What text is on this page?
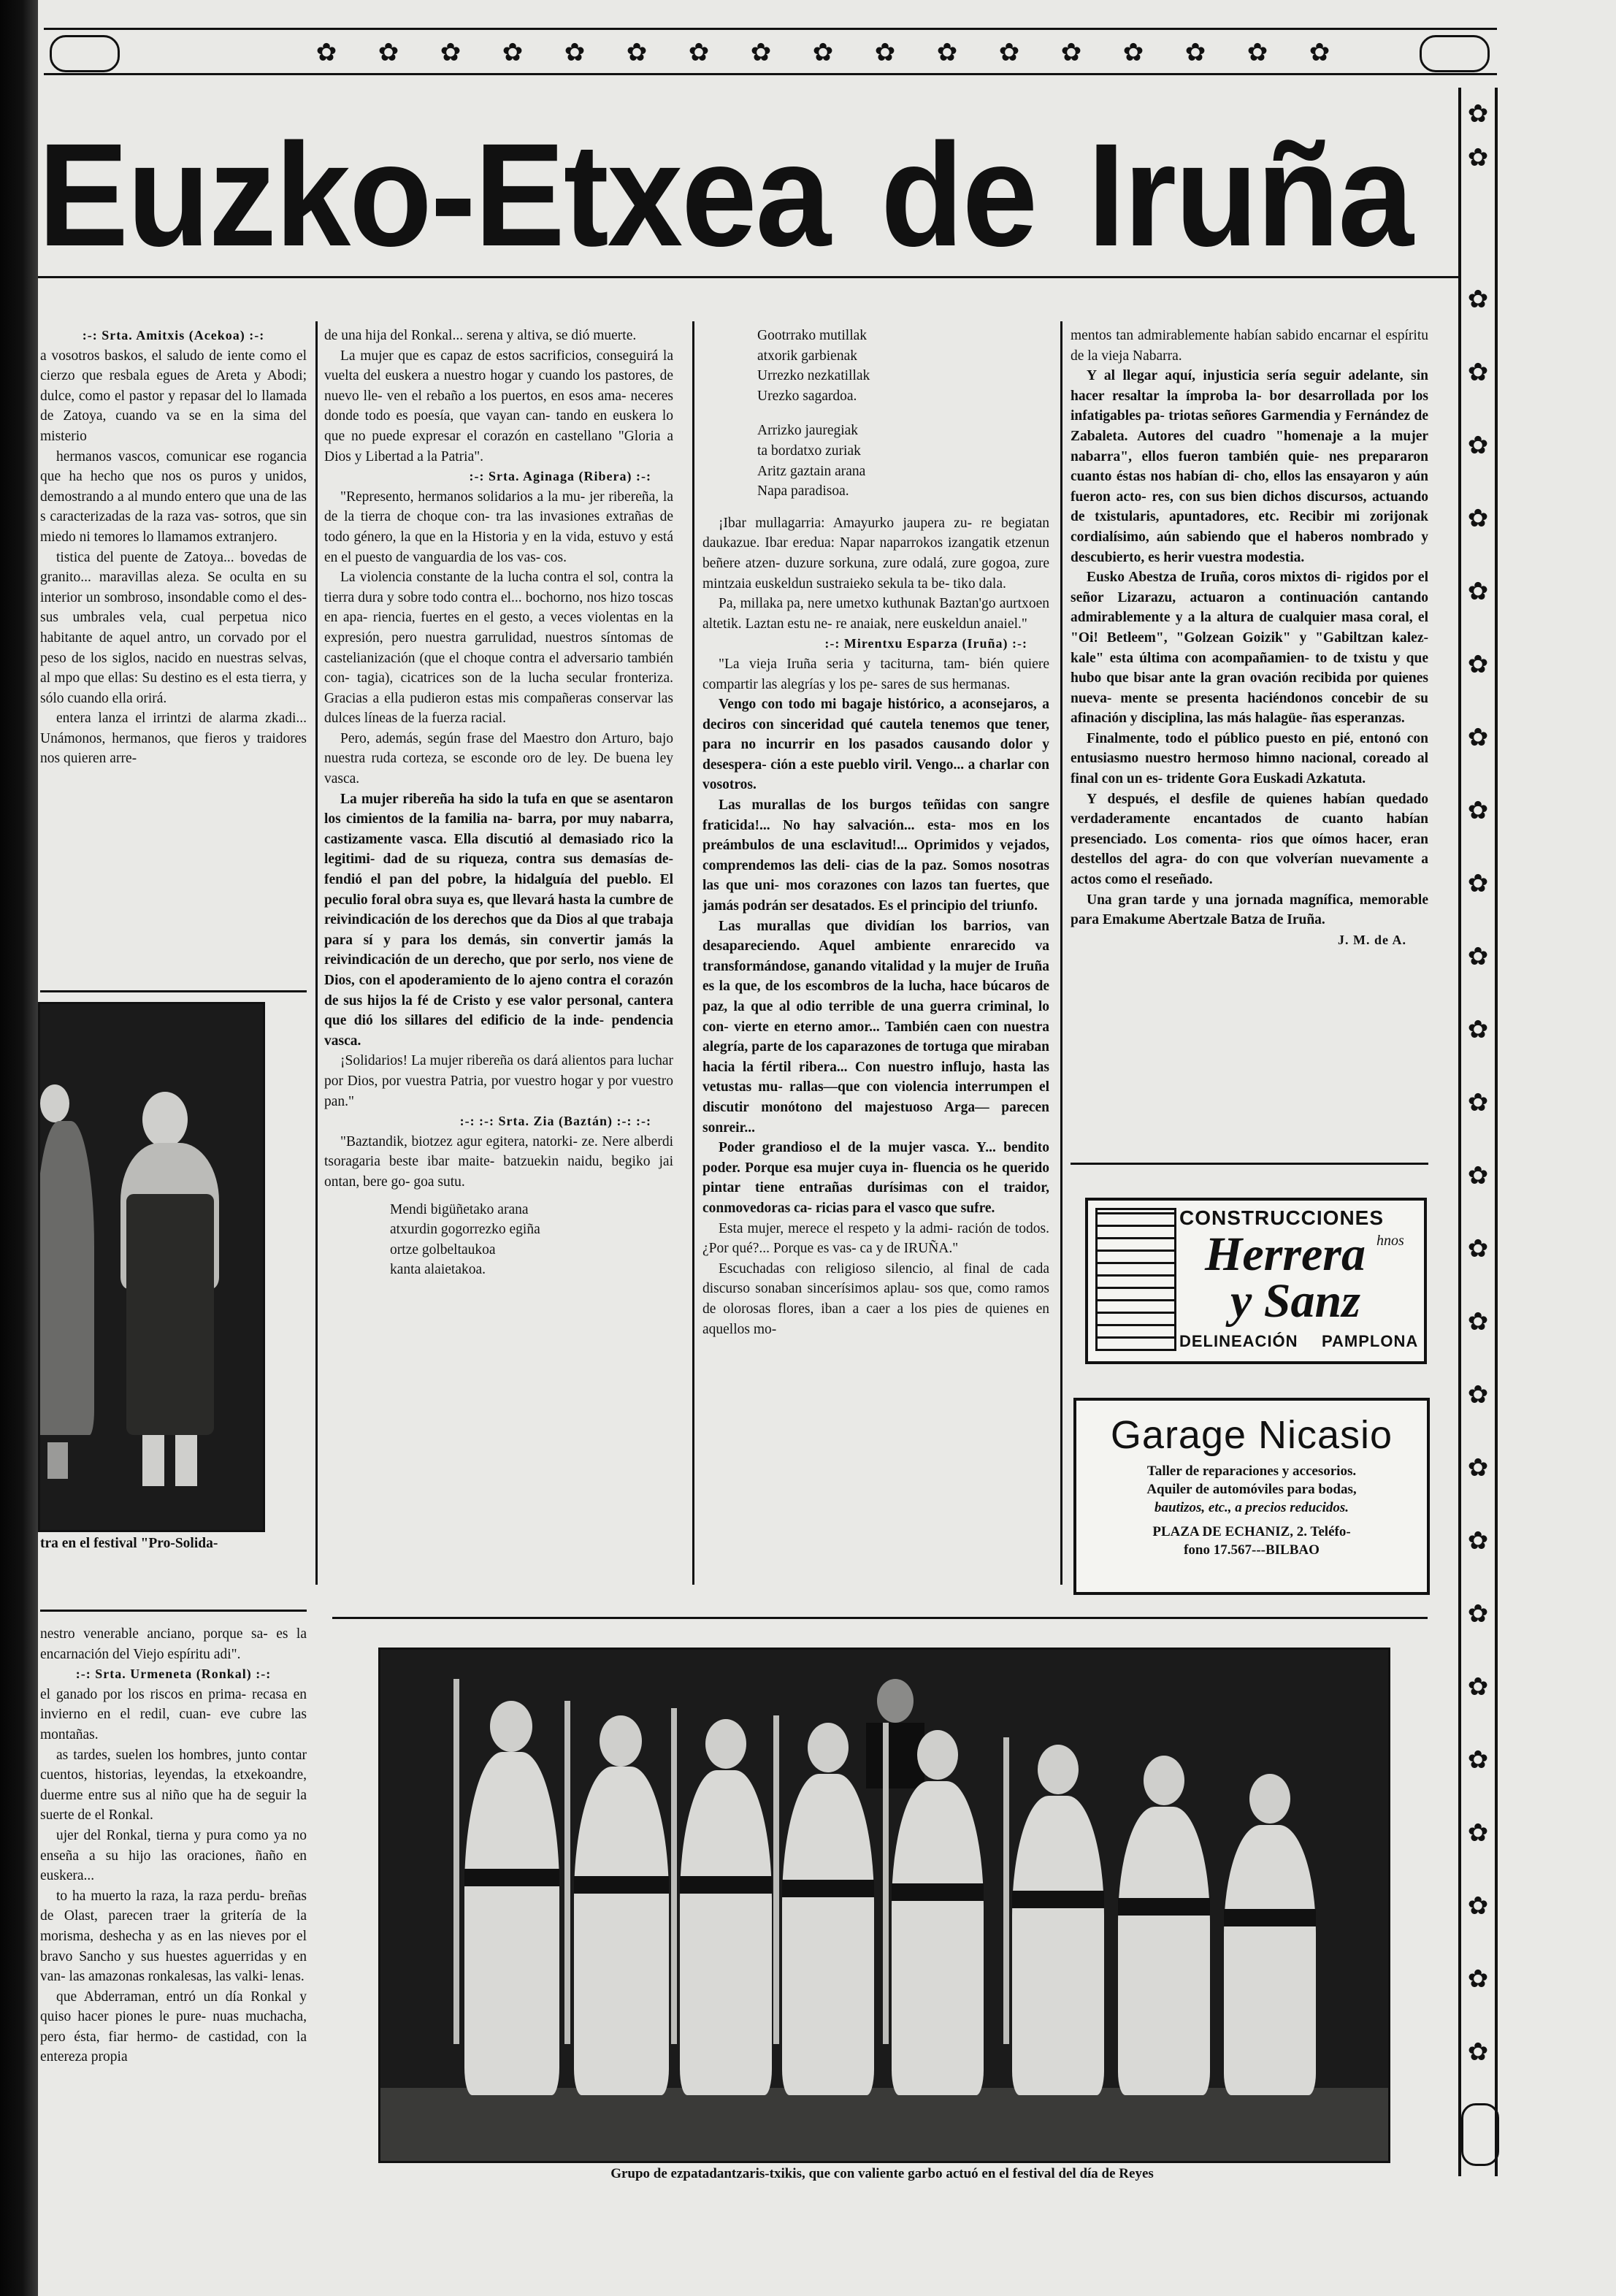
✿ ✿ ✿ ✿ ✿ ✿ ✿ ✿ ✿ ✿ ✿ ✿ ✿ ✿ ✿ ✿ ✿
✿
✿
✿
✿
✿
✿
✿
✿
✿
✿
✿
✿
✿
✿
✿
✿
✿
✿
✿
✿
✿
✿
✿
✿
✿
✿
✿
Euzko-Etxea de Iruña

:-: Srta. Amitxis (Acekoa) :-:

a vosotros baskos, el saludo de iente como el cierzo que resbala egues de Areta y Abodi; dulce, como el pastor y repasar del lo llamada de Zatoya, cuando va se en la sima del misterio

hermanos vascos, comunicar ese rogancia que ha hecho que nos os puros y unidos, demostrando a al mundo entero que una de las s caracterizadas de la raza vas- sotros, que sin miedo ni temores lo llamamos extranjero.

tistica del puente de Zatoya... bovedas de granito... maravillas aleza. Se oculta en su interior un sombroso, insondable como el des- sus umbrales vela, cual perpetua nico habitante de aquel antro, un corvado por el peso de los siglos, nacido en nuestras selvas, al mpo que ellas: Su destino es el esta tierra, y sólo cuando ella orirá.

entera lanza el irrintzi de alarma zkadi... Unámonos, hermanos, que fieros y traidores nos quieren arre-

tra en el festival "Pro-Solida-

nestro venerable anciano, porque sa- es la encarnación del Viejo espíritu adi".

:-: Srta. Urmeneta (Ronkal) :-:

el ganado por los riscos en prima- recasa en invierno en el redil, cuan- eve cubre las montañas.

as tardes, suelen los hombres, junto contar cuentos, historias, leyendas, la etxekoandre, duerme entre sus al niño que ha de seguir la suerte de el Ronkal.

ujer del Ronkal, tierna y pura como ya no enseña a su hijo las oraciones, ñaño en euskera...

to ha muerto la raza, la raza perdu- breñas de Olast, parecen traer la gritería de la morisma, deshecha y as en las nieves por el bravo Sancho y sus huestes aguerridas y en van- las amazonas ronkalesas, las valki- lenas.

que Abderraman, entró un día Ronkal y quiso hacer piones le pure- nuas muchacha, pero ésta, fiar hermo- de castidad, con la entereza propia

de una hija del Ronkal... serena y altiva, se dió muerte.

La mujer que es capaz de estos sacrificios, conseguirá la vuelta del euskera a nuestro hogar y cuando los pastores, de nuevo lle- ven el rebaño a los puertos, en esos ama- neceres donde todo es poesía, que vayan can- tando en euskera lo que no puede expresar el corazón en castellano "Gloria a Dios y Libertad a la Patria".

:-: Srta. Aginaga (Ribera) :-:

"Represento, hermanos solidarios a la mu- jer ribereña, la de la tierra de choque con- tra las invasiones extrañas de todo género, la que en la Historia y en la vida, estuvo y está en el puesto de vanguardia de los vas- cos.

La violencia constante de la lucha contra el sol, contra la tierra dura y sobre todo contra el... bochorno, nos hizo toscas en apa- riencia, fuertes en el gesto, a veces violentas en la expresión, pero nuestra garrulidad, nuestros síntomas de castelianización (que el choque contra el adversario también con- tagia), cicatrices son de la lucha secular fronteriza. Gracias a ella pudieron estas mis compañeras conservar las dulces líneas de la fuerza racial.

Pero, además, según frase del Maestro don Arturo, bajo nuestra ruda corteza, se esconde oro de ley. De buena ley vasca.

La mujer ribereña ha sido la tufa en que se asentaron los cimientos de la familia na- barra, por muy nabarra, castizamente vasca. Ella discutió al demasiado rico la legitimi- dad de su riqueza, contra sus demasías de- fendió el pan del pobre, la hidalguía del pueblo. El peculio foral obra suya es, que llevará hasta la cumbre de reivindicación de los derechos que da Dios al que trabaja para sí y para los demás, sin convertir jamás la reivindicación de un derecho, que por serlo, nos viene de Dios, con el apoderamiento de lo ajeno contra el corazón de sus hijos la fé de Cristo y ese valor personal, cantera que dió los sillares del edificio de la inde- pendencia vasca.

¡Solidarios! La mujer ribereña os dará alientos para luchar por Dios, por vuestra Patria, por vuestro hogar y por vuestro pan."

:-: :-: Srta. Zia (Baztán) :-: :-:

"Baztandik, biotzez agur egitera, natorki- ze. Nere alberdi tsoragaria beste ibar maite- batzuekin naidu, begiko jai ontan, bere go- goa sutu.

Mendi bigüñetako arana
atxurdin gogorrezko egiña
ortze golbeltaukoa
kanta alaietakoa.
Gootrrako mutillak
atxorik garbienak
Urrezko nezkatillak
Urezko sagardoa.
Arrizko jauregiak
ta bordatxo zuriak
Aritz gaztain arana
Napa paradisoa.

¡Ibar mullagarria: Amayurko jaupera zu- re begiatan daukazue. Ibar eredua: Napar naparrokos izangatik etzenun beñere atzen- duzure sorkuna, zure odalá, zure gogoa, zure mintzaia euskeldun sustraieko sekula ta be- tiko dala.

Pa, millaka pa, nere umetxo kuthunak Baztan'go aurtxoen altetik. Laztan estu ne- re anaiak, nere euskeldun anaiel."

:-: Mirentxu Esparza (Iruña) :-:

"La vieja Iruña seria y taciturna, tam- bién quiere compartir las alegrías y los pe- sares de sus hermanas.

Vengo con todo mi bagaje histórico, a aconsejaros, a deciros con sinceridad qué cautela tenemos que tener, para no incurrir en los pasados causando dolor y desespera- ción a este pueblo viril. Vengo... a charlar con vosotros.

Las murallas de los burgos teñidas con sangre fraticida!... No hay salvación... esta- mos en los preámbulos de una esclavitud!... Oprimidos y vejados, comprendemos las deli- cias de la paz. Somos nosotras las que uni- mos corazones con lazos tan fuertes, que jamás podrán ser desatados. Es el principio del triunfo.

Las murallas que dividían los barrios, van desapareciendo. Aquel ambiente enrarecido va transformándose, ganando vitalidad y la mujer de Iruña es la que, de los escombros de la lucha, hace búcaros de paz, la que al odio terrible de una guerra criminal, lo con- vierte en eterno amor... También caen con nuestra alegría, parte de los caparazones de tortuga que miraban hacia la fértil ribera... Con nuestro influjo, hasta las vetustas mu- rallas—que con violencia interrumpen el discutir monótono del majestuoso Arga— parecen sonreir...

Poder grandioso el de la mujer vasca. Y... bendito poder. Porque esa mujer cuya in- fluencia os he querido pintar tiene entrañas durísimas con el traidor, conmovedoras ca- ricias para el vasco que sufre.

Esta mujer, merece el respeto y la admi- ración de todos. ¿Por qué?... Porque es vas- ca y de IRUÑA."

Escuchadas con religioso silencio, al final de cada discurso sonaban sincerísimos aplau- sos que, como ramos de olorosas flores, iban a caer a los pies de quienes en aquellos mo-

mentos tan admirablemente habían sabido encarnar el espíritu de la vieja Nabarra.

Y al llegar aquí, injusticia sería seguir adelante, sin hacer resaltar la ímproba la- bor desarrollada por los infatigables pa- triotas señores Garmendia y Fernández de Zabaleta. Autores del cuadro "homenaje a la mujer nabarra", ellos fueron también quie- nes prepararon cuanto éstas nos habían di- cho, ellos las ensayaron y aún fueron acto- res, con sus bien dichos discursos, actuando de txistularis, apuntadores, etc. Recibir mi zorijonak cordialísimo, aún sabiendo que el haberos nombrado y descubierto, es herir vuestra modestia.

Eusko Abestza de Iruña, coros mixtos di- rigidos por el señor Lizarazu, actuaron a continuación cantando admirablemente y a la altura de cualquier masa coral, el "Oi! Betleem", "Golzean Goizik" y "Gabiltzan kalez-kale" esta última con acompañamien- to de txistu y que hubo que bisar ante la gran ovación recibida por quienes nueva- mente se presenta haciéndonos concebir de su afinación y disciplina, las más halagüe- ñas esperanzas.

Finalmente, todo el público puesto en pié, entonó con entusiasmo nuestro hermoso himno nacional, coreado al final con un es- tridente Gora Euskadi Azkatuta.

Y después, el desfile de quienes habían quedado verdaderamente encantados de cuanto habían presenciado. Los comenta- rios que oímos hacer, eran destellos del agra- do con que volverían nuevamente a actos como el reseñado.

Una gran tarde y una jornada magnífica, memorable para Emakume Abertzale Batza de Iruña.

J. M. de A.

CONSTRUCCIONES
Herrera hnos
y Sanz
DELINEACIÓN PAMPLONA
Garage Nicasio
Taller de reparaciones y accesorios.
Aquiler de automóviles para bodas,
bautizos, etc., a precios reducidos.
PLAZA DE ECHANIZ, 2. Teléfo-
fono 17.567---BILBAO
Grupo de ezpatadantzaris-txikis, que con valiente garbo actuó en el festival del día de Reyes
